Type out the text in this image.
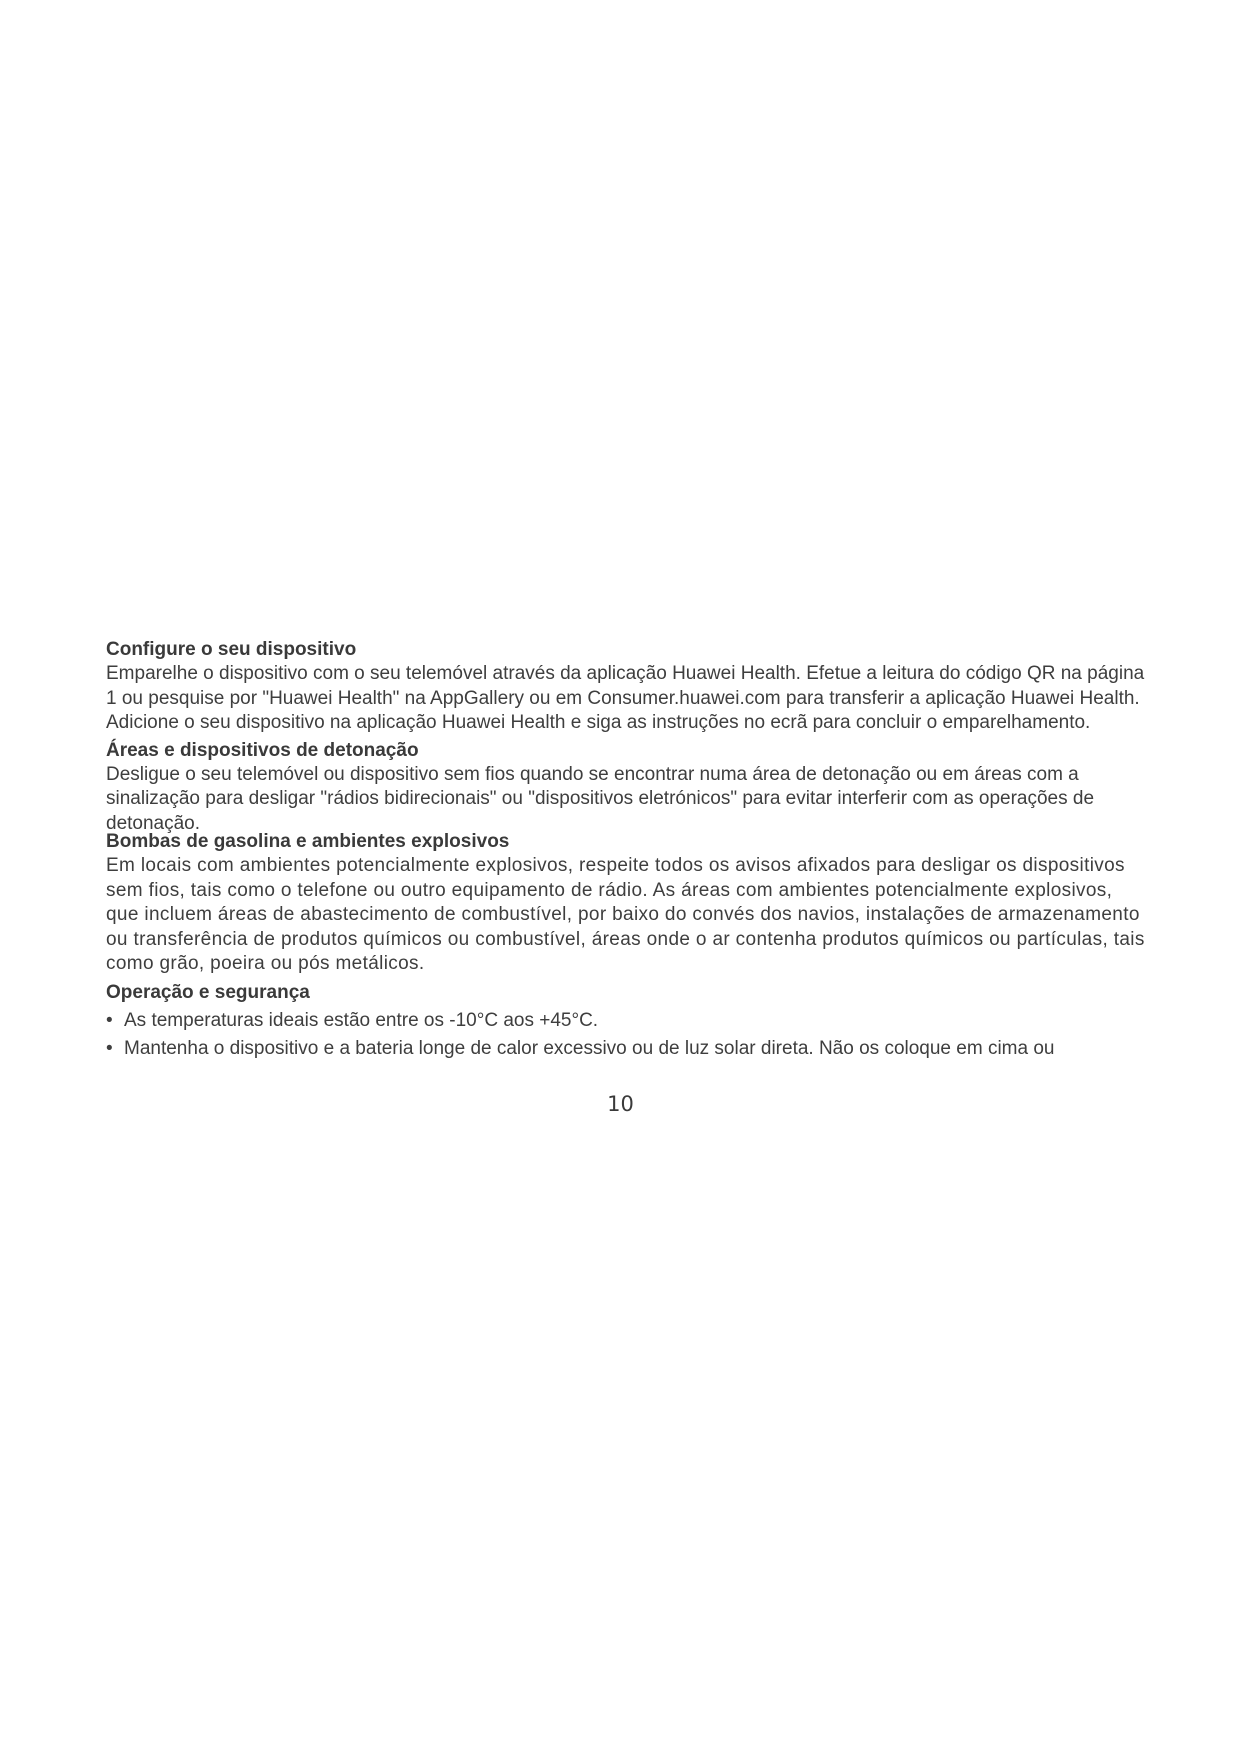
Configure o seu dispositivo

Emparelhe o dispositivo com o seu telemóvel através da aplicação Huawei Health. Efetue a leitura do código QR na página 1 ou pesquise por "Huawei Health" na AppGallery ou em Consumer.huawei.com para transferir a aplicação Huawei Health. Adicione o seu dispositivo na aplicação Huawei Health e siga as instruções no ecrã para concluir o emparelhamento.

Áreas e dispositivos de detonação

Desligue o seu telemóvel ou dispositivo sem fios quando se encontrar numa área de detonação ou em áreas com a sinalização para desligar "rádios bidirecionais" ou "dispositivos eletrónicos" para evitar interferir com as operações de detonação.

Bombas de gasolina e ambientes explosivos

Em locais com ambientes potencialmente explosivos, respeite todos os avisos afixados para desligar os dispositivos sem fios, tais como o telefone ou outro equipamento de rádio. As áreas com ambientes potencialmente explosivos, que incluem áreas de abastecimento de combustível, por baixo do convés dos navios, instalações de armazenamento ou transferência de produtos químicos ou combustível, áreas onde o ar contenha produtos químicos ou partículas, tais como grão, poeira ou pós metálicos.

Operação e segurança
• As temperaturas ideais estão entre os -10°C aos +45°C.
• Mantenha o dispositivo e a bateria longe de calor excessivo ou de luz solar direta. Não os coloque em cima ou
10
